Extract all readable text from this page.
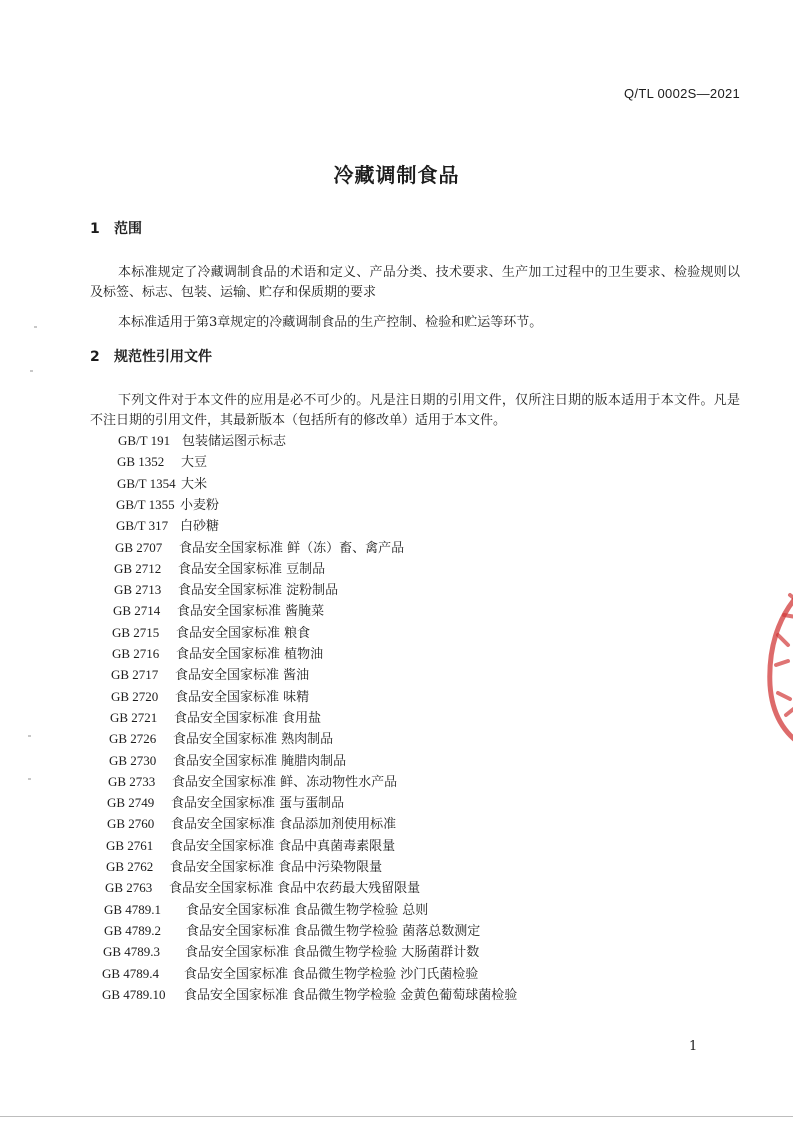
Q/TL 0002S—2021
冷藏调制食品
1 范围

本标准规定了冷藏调制食品的术语和定义、产品分类、技术要求、生产加工过程中的卫生要求、检验规则以及标签、标志、包装、运输、贮存和保质期的要求

本标准适用于第3章规定的冷藏调制食品的生产控制、检验和贮运等环节。

2 规范性引用文件

下列文件对于本文件的应用是必不可少的。凡是注日期的引用文件，仅所注日期的版本适用于本文件。凡是不注日期的引用文件，其最新版本（包括所有的修改单）适用于本文件。

GB/T 191 包装储运图示标志
GB 1352 大豆
GB/T 1354 大米
GB/T 1355 小麦粉
GB/T 317 白砂糖
GB 2707 食品安全国家标准 鲜（冻）畜、禽产品
GB 2712 食品安全国家标准 豆制品
GB 2713 食品安全国家标准 淀粉制品
GB 2714 食品安全国家标准 酱腌菜
GB 2715 食品安全国家标准 粮食
GB 2716 食品安全国家标准 植物油
GB 2717 食品安全国家标准 酱油
GB 2720 食品安全国家标准 味精
GB 2721 食品安全国家标准 食用盐
GB 2726 食品安全国家标准 熟肉制品
GB 2730 食品安全国家标准 腌腊肉制品
GB 2733 食品安全国家标准 鲜、冻动物性水产品
GB 2749 食品安全国家标准 蛋与蛋制品
GB 2760 食品安全国家标准 食品添加剂使用标准
GB 2761 食品安全国家标准 食品中真菌毒素限量
GB 2762 食品安全国家标准 食品中污染物限量
GB 2763 食品安全国家标准 食品中农药最大残留限量
GB 4789.1 食品安全国家标准 食品微生物学检验 总则
GB 4789.2 食品安全国家标准 食品微生物学检验 菌落总数测定
GB 4789.3 食品安全国家标准 食品微生物学检验 大肠菌群计数
GB 4789.4 食品安全国家标准 食品微生物学检验 沙门氏菌检验
GB 4789.10 食品安全国家标准 食品微生物学检验 金黄色葡萄球菌检验
1
